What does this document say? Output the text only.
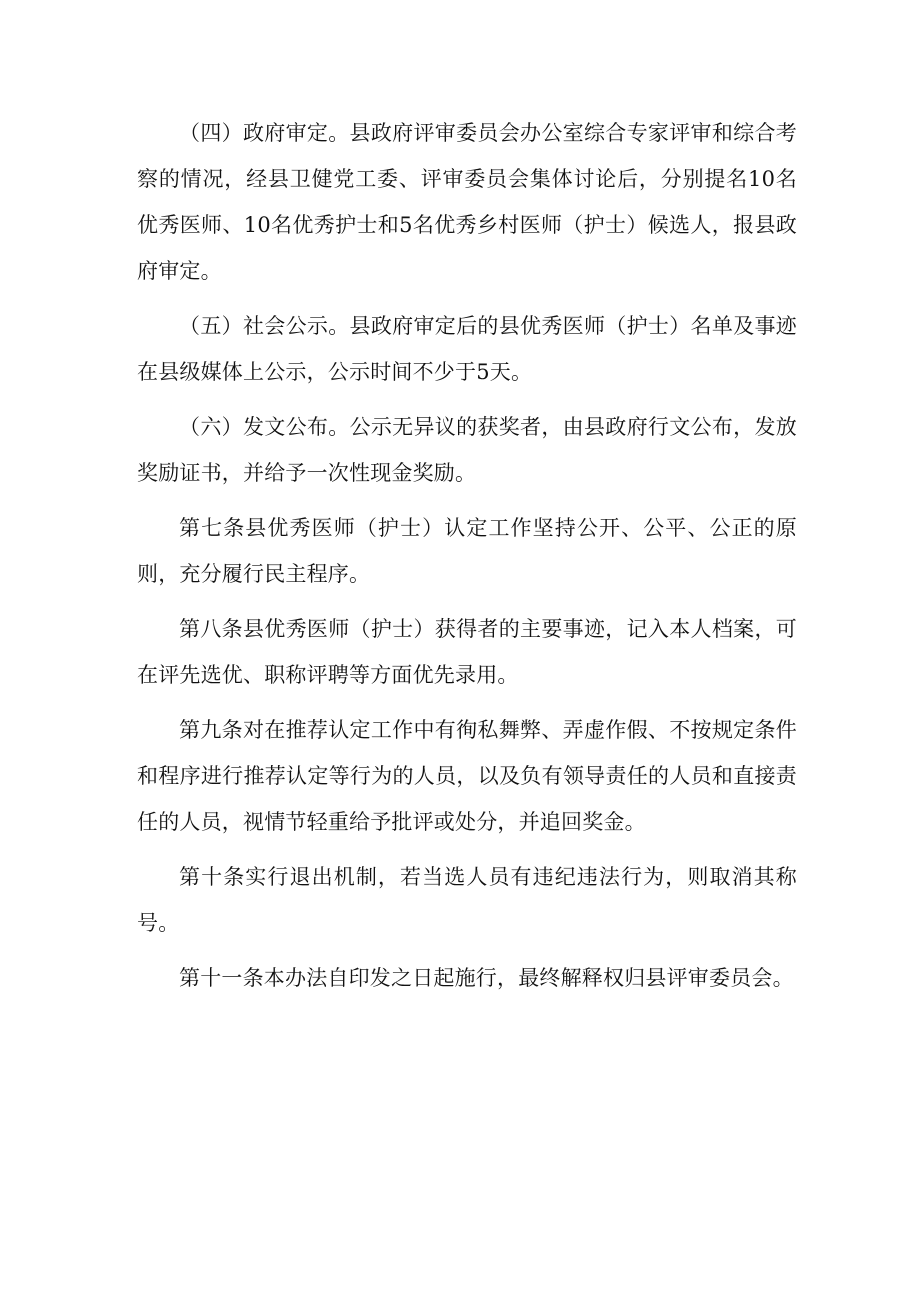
（四）政府审定。县政府评审委员会办公室综合专家评审和综合考察的情况，经县卫健党工委、评审委员会集体讨论后，分别提名10名优秀医师、10名优秀护士和5名优秀乡村医师（护士）候选人，报县政府审定。

（五）社会公示。县政府审定后的县优秀医师（护士）名单及事迹在县级媒体上公示，公示时间不少于5天。

（六）发文公布。公示无异议的获奖者，由县政府行文公布，发放奖励证书，并给予一次性现金奖励。

第七条县优秀医师（护士）认定工作坚持公开、公平、公正的原则，充分履行民主程序。

第八条县优秀医师（护士）获得者的主要事迹，记入本人档案，可在评先选优、职称评聘等方面优先录用。

第九条对在推荐认定工作中有徇私舞弊、弄虚作假、不按规定条件和程序进行推荐认定等行为的人员，以及负有领导责任的人员和直接责任的人员，视情节轻重给予批评或处分，并追回奖金。

第十条实行退出机制，若当选人员有违纪违法行为，则取消其称号。

第十一条本办法自印发之日起施行，最终解释权归县评审委员会。
